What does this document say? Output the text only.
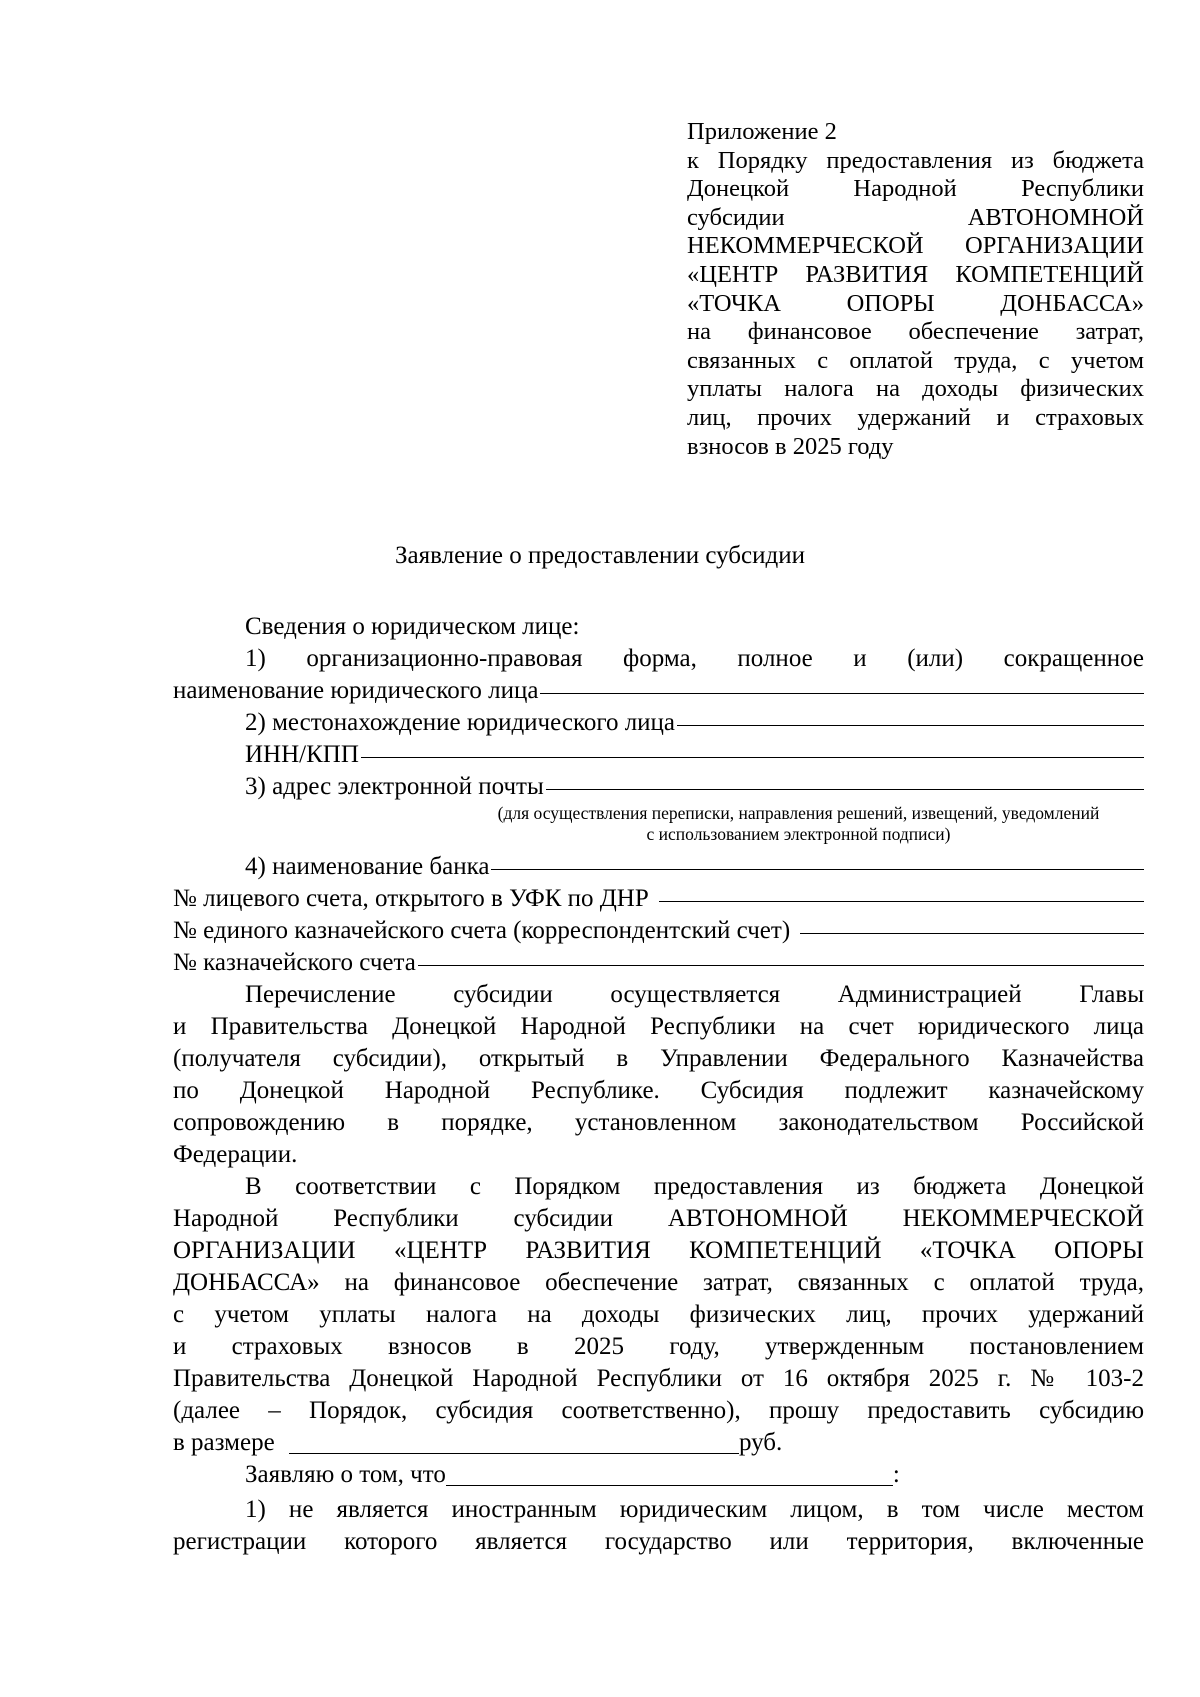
Приложение 2
к Порядку предоставления из бюджета
Донецкой Народной Республики
субсидии АВТОНОМНОЙ
НЕКОММЕРЧЕСКОЙ ОРГАНИЗАЦИИ
«ЦЕНТР РАЗВИТИЯ КОМПЕТЕНЦИЙ
«ТОЧКА ОПОРЫ ДОНБАССА»
на финансовое обеспечение затрат,
связанных с оплатой труда, с учетом
уплаты налога на доходы физических
лиц, прочих удержаний и страховых
взносов в 2025 году
Заявление о предоставлении субсидии
Сведения о юридическом лице:
1) организационно-правовая форма, полное и (или) сокращенное
наименование юридического лица
2) местонахождение юридического лица
ИНН/КПП
3) адрес электронной почты
(для осуществления переписки, направления решений, извещений, уведомлений
с использованием электронной подписи)
4) наименование банка
№ лицевого счета, открытого в УФК по ДНР
№ единого казначейского счета (корреспондентский счет)
№ казначейского счета
Перечисление субсидии осуществляется Администрацией Главы
и Правительства Донецкой Народной Республики на счет юридического лица
(получателя субсидии), открытый в Управлении Федерального Казначейства
по Донецкой Народной Республике. Субсидия подлежит казначейскому
сопровождению в порядке, установленном законодательством Российской
Федерации.
В соответствии с Порядком предоставления из бюджета Донецкой
Народной Республики субсидии АВТОНОМНОЙ НЕКОММЕРЧЕСКОЙ
ОРГАНИЗАЦИИ «ЦЕНТР РАЗВИТИЯ КОМПЕТЕНЦИЙ «ТОЧКА ОПОРЫ
ДОНБАССА» на финансовое обеспечение затрат, связанных с оплатой труда,
с учетом уплаты налога на доходы физических лиц, прочих удержаний
и страховых взносов в 2025 году, утвержденным постановлением
Правительства Донецкой Народной Республики от 16 октября 2025 г. № 103-2
(далее – Порядок, субсидия соответственно), прошу предоставить субсидию
в размере	руб.
Заявляю о том, что	:
1) не является иностранным юридическим лицом, в том числе местом
регистрации которого является государство или территория, включенные
